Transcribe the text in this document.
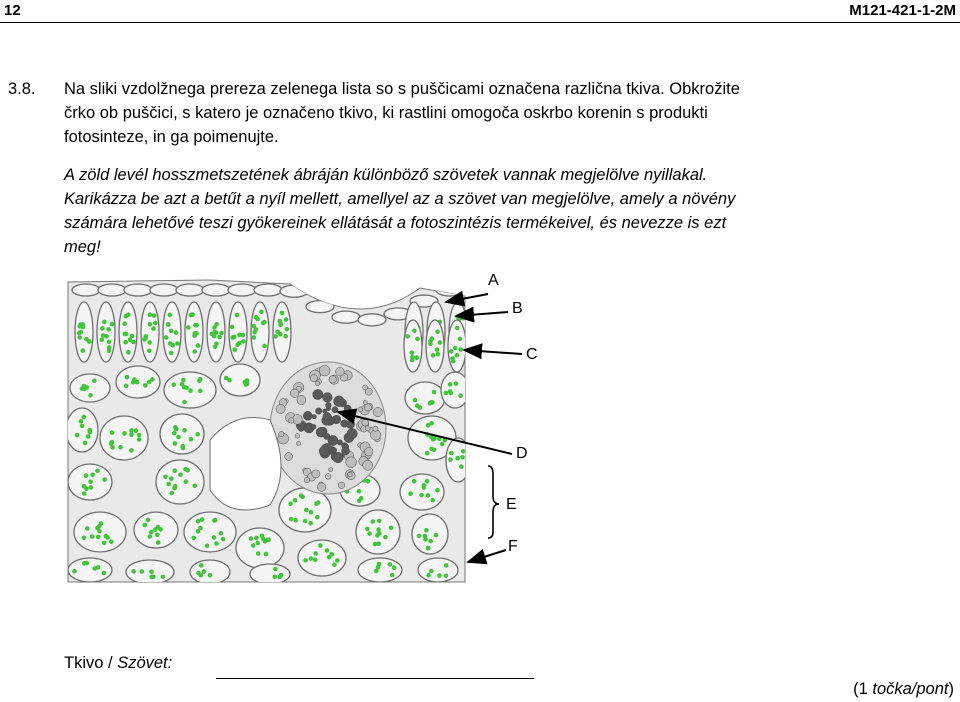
12	M121-421-1-2M
3.8. Na sliki vzdolžnega prereza zelenega lista so s puščicami označena različna tkiva. Obkrožite
črko ob puščici, s katero je označeno tkivo, ki rastlini omogoča oskrbo korenin s produkti
fotosinteze, in ga poimenujte.
A zöld levél hosszmetszetének ábráján különböző szövetek vannak megjelölve nyillakal.
Karikázza be azt a betűt a nyíl mellett, amellyel az a szövet van megjelölve, amely a növény
számára lehetővé teszi gyökereinek ellátását a fotoszintézis termékeivel, és nevezze is ezt
meg!
A
B
C
D
E
F
Tkivo / Szövet:
(1 točka/pont)
